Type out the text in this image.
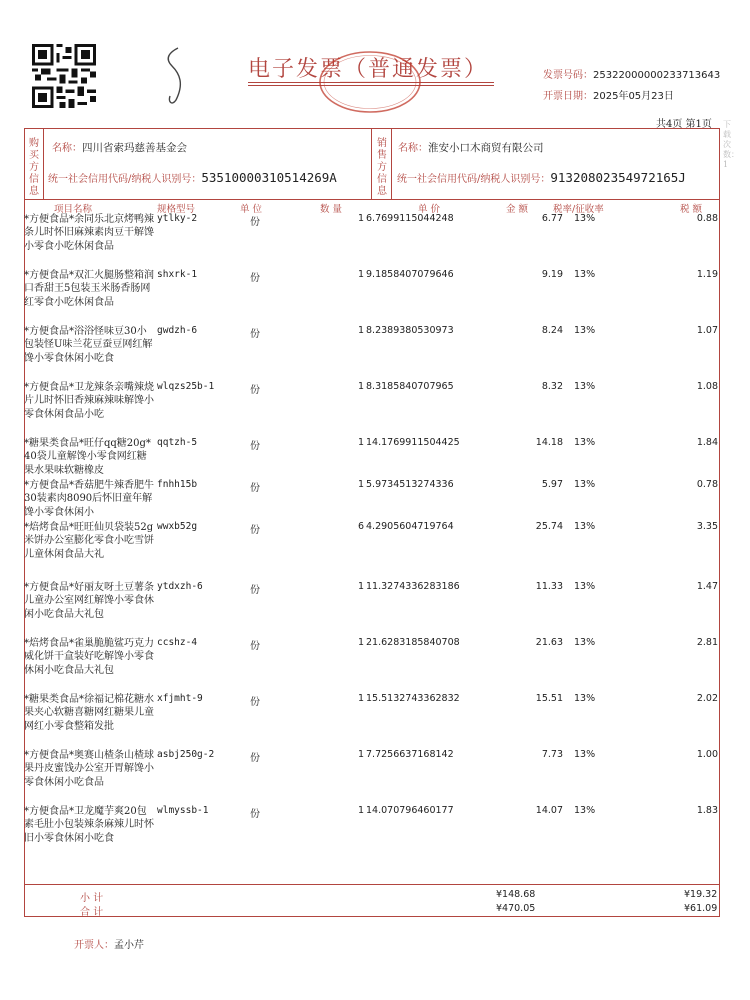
电子发票（普通发票）	发票号码：25322000000233713643
开票日期：2025年05月23日
共4页 第1页 下载次数：1
购买方信息
名称：四川省索玛慈善基金会
统一社会信用代码/纳税人识别号：53510000310514269A
销售方信息
名称：淮安小口木商贸有限公司
统一社会信用代码/纳税人识别号：91320802354972165J
项目名称	规格型号	单 位	数 量	单 价	金 额	税率/征收率	税 额
*方便食品*余同乐北京烤鸭辣条儿时怀旧麻辣素肉豆干解馋小零食小吃休闲食品
ytlky-2	份	1 6.7699115044248	6.77 13%	0.88
*方便食品*双汇火腿肠整箱润口香甜王5包装玉米肠香肠网红零食小吃休闲食品
shxrk-1	份	1 9.1858407079646	9.19 13%	1.19
*方便食品*浴浴怪味豆30小包装怪U味兰花豆蚕豆网红解馋小零食休闲小吃食
gwdzh-6	份	1 8.2389380530973	8.24 13%	1.07
*方便食品*卫龙辣条亲嘴辣烧片儿时怀旧香辣麻辣味解馋小零食休闲食品小吃
wlqzs25b-1	份	1 8.3185840707965	8.32 13%	1.08
*糖果类食品*旺仔qq糖20g*40袋儿童解馋小零食网红糖果水果味软糖橡皮
qqtzh-5	份	1 14.1769911504425	14.18 13%	1.84
*方便食品*香菇肥牛辣香肥牛30装素肉8090后怀旧童年解馋小零食休闲小
fnhh15b	份	1 5.9734513274336	5.97 13%	0.78
*焙烤食品*旺旺仙贝袋装52g米饼办公室膨化零食小吃雪饼儿童休闲食品大礼
wwxb52g	份	6 4.2905604719764	25.74 13%	3.35
*方便食品*好丽友呀土豆薯条儿童办公室网红解馋小零食休闲小吃食品大礼包
ytdxzh-6	份	1 11.3274336283186	11.33 13%	1.47
*焙烤食品*雀巢脆脆鲨巧克力威化饼干盒装好吃解馋小零食休闲小吃食品大礼包
ccshz-4	份	1 21.6283185840708	21.63 13%	2.81
*糖果类食品*徐福记棉花糖水果夹心软糖喜糖网红糖果儿童网红小零食整箱发批
xfjmht-9	份	1 15.5132743362832	15.51 13%	2.02
*方便食品*奥赛山楂条山楂球果丹皮蜜饯办公室开胃解馋小零食休闲小吃食品
asbj250g-2	份	1 7.7256637168142	7.73 13%	1.00
*方便食品*卫龙魔芋爽20包素毛肚小包装辣条麻辣儿时怀旧小零食休闲小吃食
wlmyssb-1	份	1 14.070796460177	14.07 13%	1.83
小 计	¥148.68	¥19.32
合 计	¥470.05	¥61.09
开票人：孟小芹
